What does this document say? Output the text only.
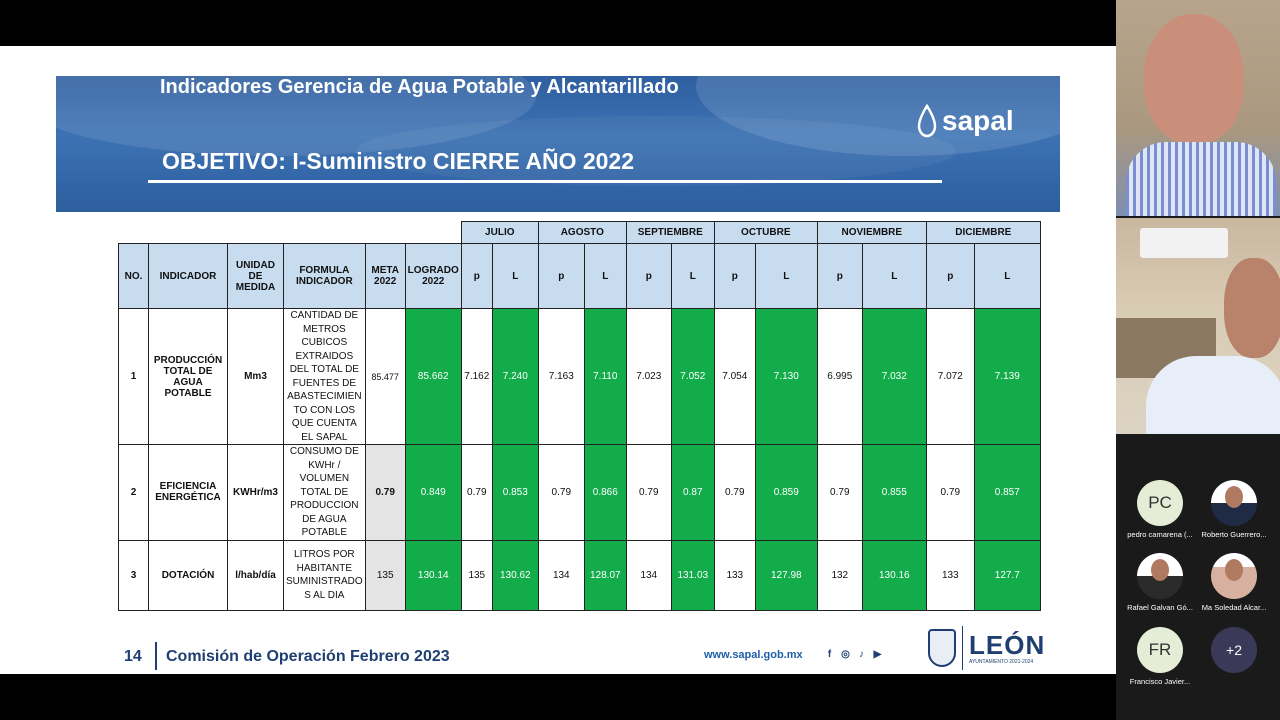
Indicadores Gerencia de Agua Potable y Alcantarillado
OBJETIVO: I-Suministro CIERRE AÑO 2022
sapal
						JULIO		AGOSTO		SEPTIEMBRE		OCTUBRE		NOVIEMBRE		DICIEMBRE	
NO.	INDICADOR	UNIDAD DE MEDIDA	FORMULA INDICADOR	META 2022	LOGRADO 2022	p	L	p	L	p	L	p	L	p	L	p	L
1	PRODUCCIÓN TOTAL DE AGUA POTABLE	Mm3	CANTIDAD DE METROS CUBICOS EXTRAIDOS DEL TOTAL DE FUENTES DE ABASTECIMIEN TO CON LOS QUE CUENTA EL SAPAL	85.477	85.662	7.162	7.240	7.163	7.110	7.023	7.052	7.054	7.130	6.995	7.032	7.072	7.139
2	EFICIENCIA ENERGÉTICA	KWHr/m3	CONSUMO DE KWHr / VOLUMEN TOTAL DE PRODUCCION DE AGUA POTABLE	0.79	0.849	0.79	0.853	0.79	0.866	0.79	0.87	0.79	0.859	0.79	0.855	0.79	0.857
3	DOTACIÓN	l/hab/día	LITROS POR HABITANTE SUMINISTRADO S AL DIA	135	130.14	135	130.62	134	128.07	134	131.03	133	127.98	132	130.16	133	127.7
14 Comisión de Operación Febrero 2023	www.sapal.gob.mx	f ◎ ♪ ▶	LEÓN
AYUNTAMIENTO 2021-2024
PC
pedro camarena (...	Roberto Guerrero...
Rafael Galvan Gó...	Ma Soledad Alcar...
FR
Francisco Javier...
+2
